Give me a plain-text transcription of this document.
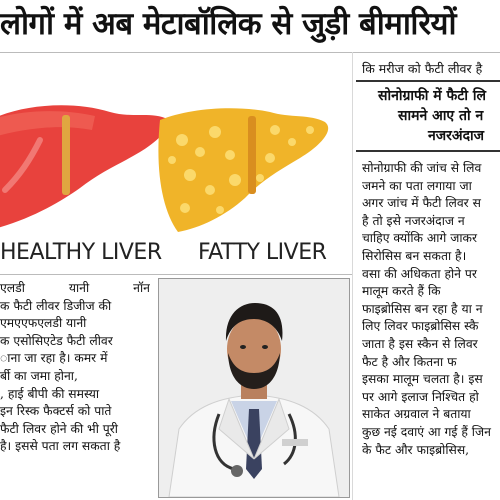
लोगों में अब मेटाबॉलिक से जुड़ी बीमारियों
HEALTHY LIVER FATTY LIVER
एलडी यानी नॉन
क फैटी लीवर डिजीज की
एमएएफएलडी यानी
क एसोसिएटेड फैटी लीवर
ाना जा रहा है। कमर में
र्बी का जमा होना,
, हाई बीपी की समस्या
इन रिस्क फैक्टर्स को पाते
फैटी लिवर होने की भी पूरी
है। इससे पता लग सकता है
कि मरीज को फैटी लीवर है
सोनोग्राफी में फैटी लि
सामने आए तो न
नजरअंदाज
सोनोग्राफी की जांच से लिव
जमने का पता लगाया जा
अगर जांच में फैटी लिवर स
है तो इसे नजरअंदाज न
चाहिए क्योंकि आगे जाकर
सिरोसिस बन सकता है।
वसा की अधिकता होने पर
मालूम करते हैं कि
फाइब्रोसिस बन रहा है या न
लिए लिवर फाइब्रोसिस स्कै
जाता है इस स्कैन से लिवर
फैट है और कितना फ
इसका मालूम चलता है। इस
पर आगे इलाज निश्चित हो
साकेत अग्रवाल ने बताया
कुछ नई दवाएं आ गई हैं जिन
के फैट और फाइब्रोसिस,
